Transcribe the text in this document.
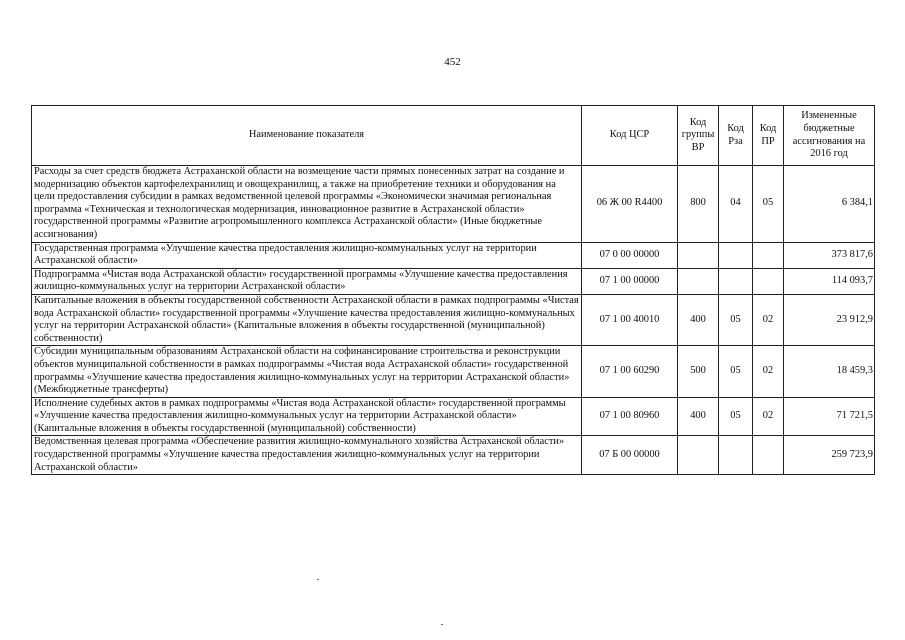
452
Наименование показателя	Код ЦСР	Код группы ВР	Код Рза	Код ПР	Измененные бюджетные ассигнования на 2016 год
Расходы за счет средств бюджета Астраханской области на возмещение части прямых понесенных затрат на создание и модернизацию объектов картофелехранилищ и овощехранилищ, а также на приобретение техники и оборудования на цели предоставления субсидии в рамках ведомственной целевой программы «Экономически значимая региональная программа «Техническая и технологическая модернизация, инновационное развитие в Астраханской области» государственной программы «Развитие агропромышленного комплекса Астраханской области» (Иные бюджетные ассигнования)	06 Ж 00 R4400	800	04	05	6 384,1
Государственная программа «Улучшение качества предоставления жилищно-коммунальных услуг на территории Астраханской области»	07 0 00 00000				373 817,6
Подпрограмма «Чистая вода Астраханской области» государственной программы «Улучшение качества предоставления жилищно-коммунальных услуг на территории Астраханской области»	07 1 00 00000				114 093,7
Капитальные вложения в объекты государственной собственности Астраханской области в рамках подпрограммы «Чистая вода Астраханской области» государственной программы «Улучшение качества предоставления жилищно-коммунальных услуг на территории Астраханской области» (Капитальные вложения в объекты государственной (муниципальной) собственности)	07 1 00 40010	400	05	02	23 912,9
Субсидии муниципальным образованиям Астраханской области на софинансирование строительства и реконструкции объектов муниципальной собственности в рамках подпрограммы «Чистая вода Астраханской области» государственной программы «Улучшение качества предоставления жилищно-коммунальных услуг на территории Астраханской области» (Межбюджетные трансферты)	07 1 00 60290	500	05	02	18 459,3
Исполнение судебных актов в рамках подпрограммы «Чистая вода Астраханской области» государственной программы «Улучшение качества предоставления жилищно-коммунальных услуг на территории Астраханской области» (Капитальные вложения в объекты государственной (муниципальной) собственности)	07 1 00 80960	400	05	02	71 721,5
Ведомственная целевая программа «Обеспечение развития жилищно-коммунального хозяйства Астраханской области» государственной программы «Улучшение качества предоставления жилищно-коммунальных услуг на территории Астраханской области»	07 Б 00 00000				259 723,9
